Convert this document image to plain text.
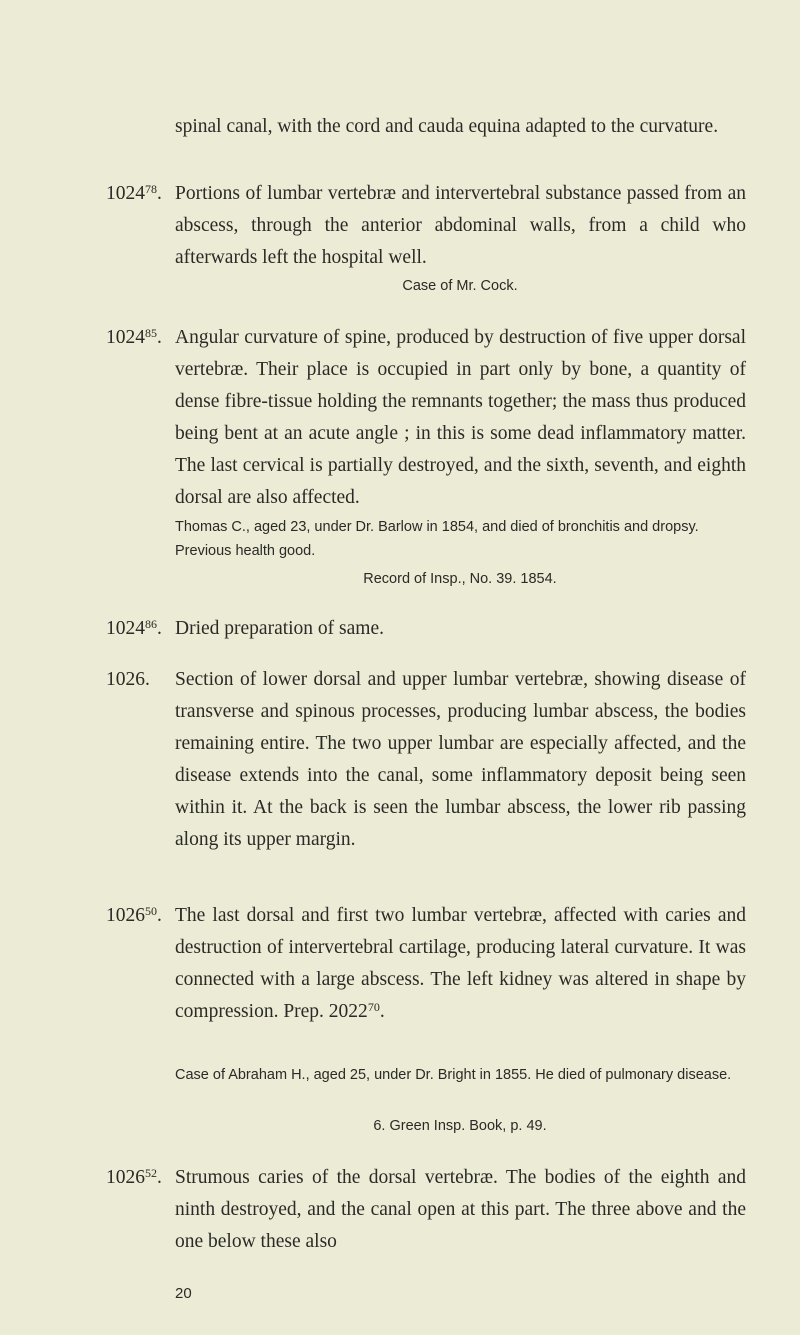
spinal canal, with the cord and cauda equina adapted to the curvature.

1024$^{78}$. Portions of lumbar vertebræ and intervertebral substance passed from an abscess, through the anterior abdominal walls, from a child who afterwards left the hospital well.

Case of Mr. Cock.

1024$^{85}$. Angular curvature of spine, produced by destruction of five upper dorsal vertebræ. Their place is occupied in part only by bone, a quantity of dense fibre-tissue holding the remnants together; the mass thus produced being bent at an acute angle ; in this is some dead inflammatory matter. The last cervical is partially destroyed, and the sixth, seventh, and eighth dorsal are also affected.

Thomas C., aged 23, under Dr. Barlow in 1854, and died of bronchitis and dropsy. Previous health good.

Record of Insp., No. 39. 1854.

1024$^{86}$. Dried preparation of same.

1026.	Section of lower dorsal and upper lumbar vertebræ, showing disease of transverse and spinous processes, producing lumbar abscess, the bodies remaining entire. The two upper lumbar are especially affected, and the disease extends into the canal, some inflammatory deposit being seen within it. At the back is seen the lumbar abscess, the lower rib passing along its upper margin.

1026$^{50}$. The last dorsal and first two lumbar vertebræ, affected with caries and destruction of intervertebral cartilage, producing lateral curvature. It was connected with a large abscess. The left kidney was altered in shape by compression. Prep. 2022$^{70}$.

Case of Abraham H., aged 25, under Dr. Bright in 1855. He died of pulmonary disease.

6. Green Insp. Book, p. 49.

1026$^{52}$. Strumous caries of the dorsal vertebræ. The bodies of the eighth and ninth destroyed, and the canal open at this part. The three above and the one below these also

20
